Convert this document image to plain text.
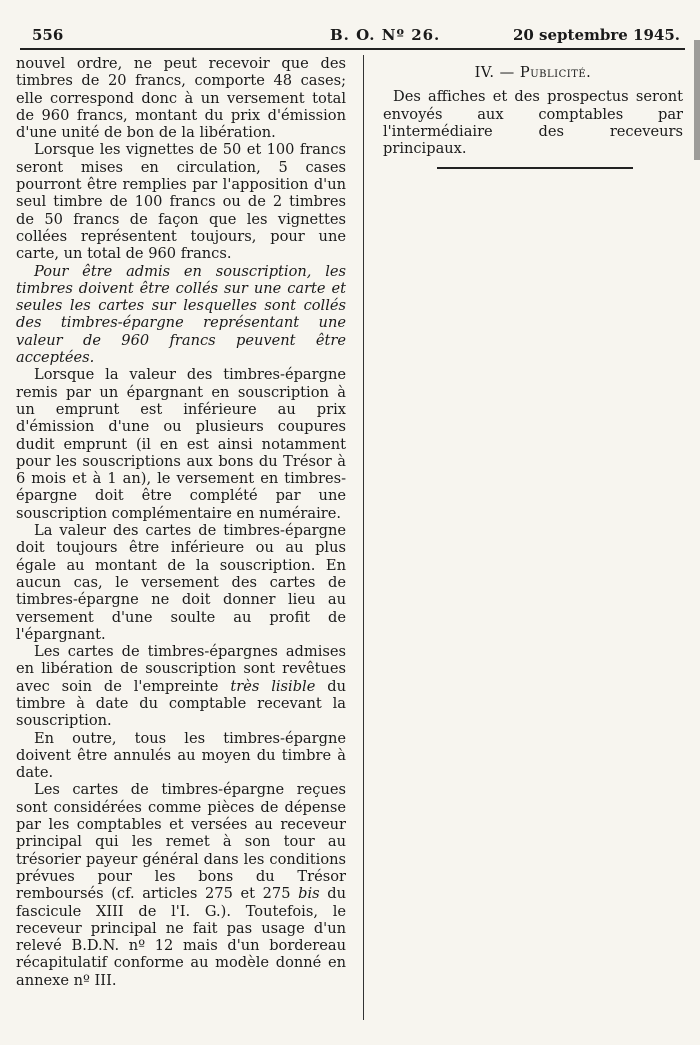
556	B. O. Nº 26.	20 septembre 1945.

nouvel ordre, ne peut recevoir que des timbres de 20 francs, comporte 48 cases; elle correspond donc à un versement total de 960 francs, montant du prix d'émission d'une unité de bon de la libération.

Lorsque les vignettes de 50 et 100 francs seront mises en circulation, 5 cases pourront être remplies par l'apposition d'un seul timbre de 100 francs ou de 2 timbres de 50 francs de façon que les vignettes collées représentent toujours, pour une carte, un total de 960 francs.

Pour être admis en souscription, les timbres doivent être collés sur une carte et seules les cartes sur lesquelles sont collés des timbres-épargne représentant une valeur de 960 francs peuvent être acceptées.

Lorsque la valeur des timbres-épargne remis par un épargnant en souscription à un emprunt est inférieure au prix d'émission d'une ou plusieurs coupures dudit emprunt (il en est ainsi notamment pour les souscriptions aux bons du Trésor à 6 mois et à 1 an), le versement en timbres-épargne doit être complété par une souscription complémentaire en numéraire.

La valeur des cartes de timbres-épargne doit toujours être inférieure ou au plus égale au montant de la souscription. En aucun cas, le versement des cartes de timbres-épargne ne doit donner lieu au versement d'une soulte au profit de l'épargnant.

Les cartes de timbres-épargnes admises en libération de souscription sont revêtues avec soin de l'empreinte très lisible du timbre à date du comptable recevant la souscription.

En outre, tous les timbres-épargne doivent être annulés au moyen du timbre à date.

Les cartes de timbres-épargne reçues sont considérées comme pièces de dépense par les comptables et versées au receveur principal qui les remet à son tour au trésorier payeur général dans les conditions prévues pour les bons du Trésor remboursés (cf. articles 275 et 275 bis du fascicule XIII de l'I. G.). Toutefois, le receveur principal ne fait pas usage d'un relevé B.D.N. nº 12 mais d'un bordereau récapitulatif conforme au modèle donné en annexe nº III.

IV. — Publicité.

Des affiches et des prospectus seront envoyés aux comptables par l'intermédiaire des receveurs principaux.
